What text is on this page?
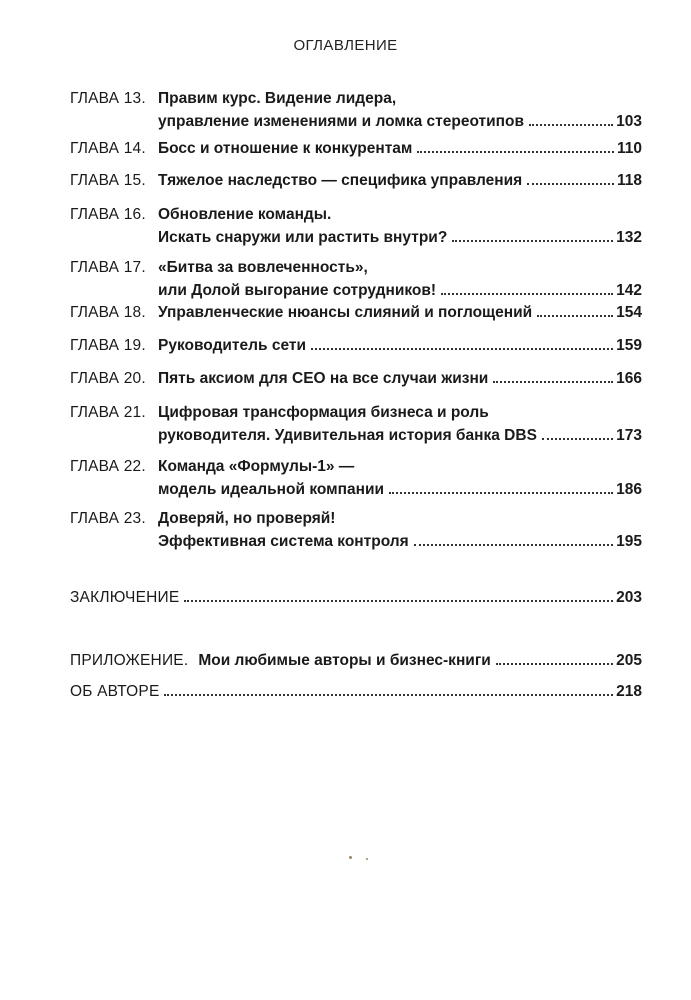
ОГЛАВЛЕНИЕ
ГЛАВА 13. Правим курс. Видение лидера,
управление изменениями и ломка стереотипов	103
ГЛАВА 14. Босс и отношение к конкурентам	110
ГЛАВА 15. Тяжелое наследство — специфика управления	118
ГЛАВА 16. Обновление команды.
Искать снаружи или растить внутри?	132
ГЛАВА 17. «Битва за вовлеченность»,
или Долой выгорание сотрудников!	142
ГЛАВА 18. Управленческие нюансы слияний и поглощений	154
ГЛАВА 19. Руководитель сети	159
ГЛАВА 20. Пять аксиом для CEO на все случаи жизни	166
ГЛАВА 21. Цифровая трансформация бизнеса и роль
руководителя. Удивительная история банка DBS	173
ГЛАВА 22. Команда «Формулы-1» —
модель идеальной компании	186
ГЛАВА 23. Доверяй, но проверяй!
Эффективная система контроля	195
ЗАКЛЮЧЕНИЕ	203
ПРИЛОЖЕНИЕ. Мои любимые авторы и бизнес-книги	205
ОБ АВТОРЕ	218
